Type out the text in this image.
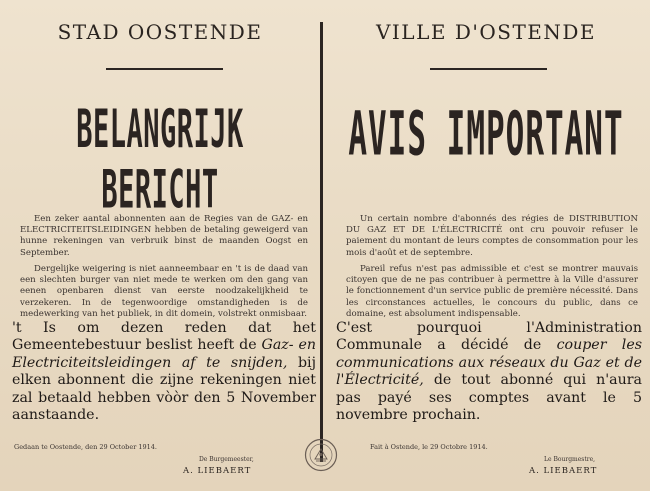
STAD OOSTENDE
BELANGRIJK BERICHT
Een zeker aantal abonnenten aan de Regies van de GAZ- en ELECTRICITEITSLEIDINGEN hebben de betaling geweigerd van hunne rekeningen van verbruik binst de maanden Oogst en September.
Dergelijke weigering is niet aanneembaar en 't is de daad van een slechten burger van niet mede te werken om den gang van eenen openbaren dienst van eerste noodzakelijkheid te verzekeren. In de tegenwoordige omstandigheden is de medewerking van het publiek, in dit domein, volstrekt onmisbaar.
't Is om dezen reden dat het Gemeentebestuur beslist heeft de Gaz- en Electriciteitsleidingen af te snijden, bij elken abonnent die zijne rekeningen niet zal betaald hebben vòòr den 5 November aanstaande.
Gedaan te Oostende, den 29 October 1914.
De Burgemeester,
A. LIEBAERT
VILLE D'OSTENDE
AVIS IMPORTANT
Un certain nombre d'abonnés des régies de DISTRIBUTION DU GAZ ET DE L'ÉLECTRICITÉ ont cru pouvoir refuser le paiement du montant de leurs comptes de consommation pour les mois d'août et de septembre.
Pareil refus n'est pas admissible et c'est se montrer mauvais citoyen que de ne pas contribuer à permettre à la Ville d'assurer le fonctionnement d'un service public de première nécessité. Dans les circonstances actuelles, le concours du public, dans ce domaine, est absolument indispensable.
C'est pourquoi l'Administration Communale a décidé de couper les communications aux réseaux du Gaz et de l'Électricité, de tout abonné qui n'aura pas payé ses comptes avant le 5 novembre prochain.
Fait à Ostende, le 29 Octobre 1914.
Le Bourgmestre,
A. LIEBAERT
